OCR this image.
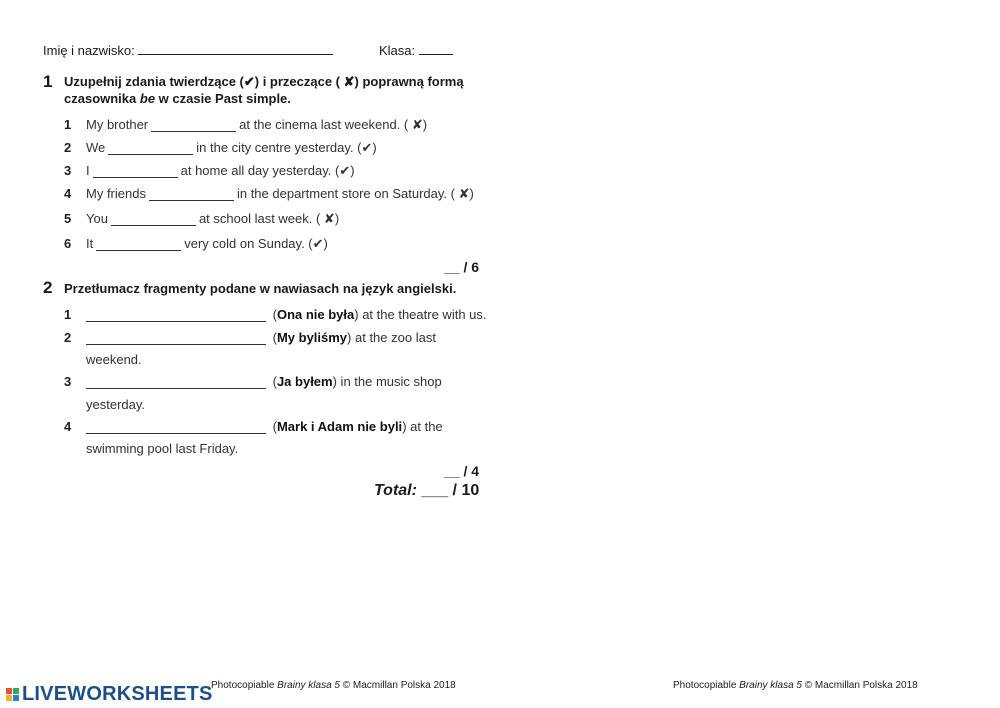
Imię i nazwisko:	Klasa:
1 Uzupełnij zdania twierdzące (✔) i przeczące ( ✘) poprawną formą
czasownika be w czasie Past simple.
1 My brother	at the cinema last weekend. ( ✘)
2 We	in the city centre yesterday. (✔)
3 I	at home all day yesterday. (✔)
4 My friends	in the department store on Saturday. ( ✘)
5 You	at school last week. ( ✘)
6 It	very cold on Sunday. (✔)
__ / 6
2 Przetłumacz fragmenty podane w nawiasach na język angielski.
1	(Ona nie była) at the theatre with us.
2	(My byliśmy) at the zoo last
weekend.
3	(Ja byłem) in the music shop
yesterday.
4	(Mark i Adam nie byli) at the
swimming pool last Friday.
__ / 4
Total: ___ / 10
LIVEWORKSHEETS
Photocopiable Brainy klasa 5 © Macmillan Polska 2018	Photocopiable Brainy klasa 5 © Macmillan Polska 2018
